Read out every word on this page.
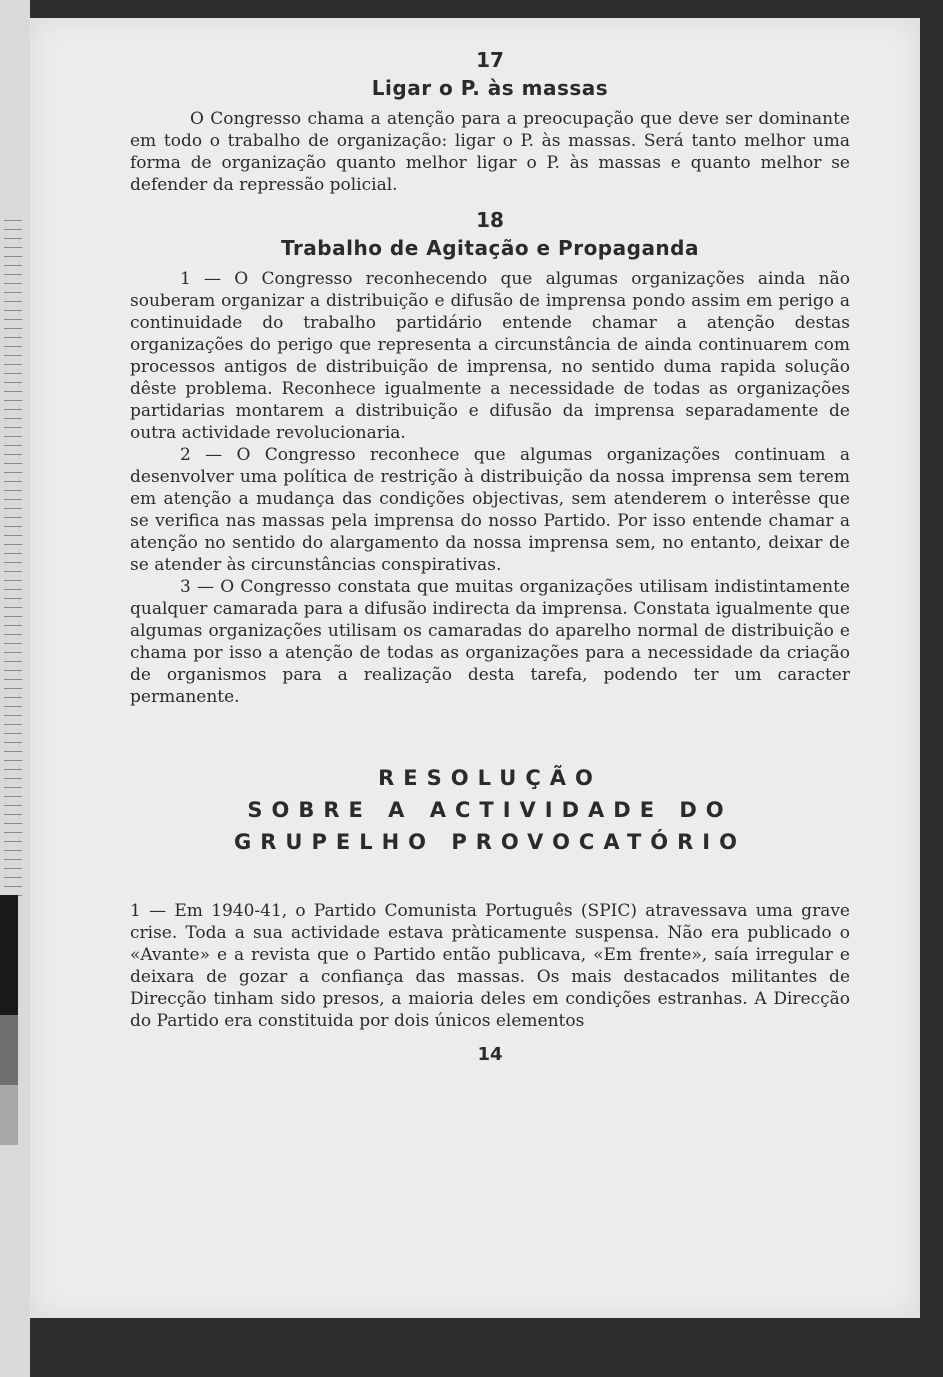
17

Ligar o P. às massas

O Congresso chama a atenção para a preocupação que deve ser dominante em todo o trabalho de organização: ligar o P. às massas. Será tanto melhor uma forma de organização quanto melhor ligar o P. às massas e quanto melhor se defender da repressão policial.

18

Trabalho de Agitação e Propaganda

1 — O Congresso reconhecendo que algumas organizações ainda não souberam organizar a distribuição e difusão de imprensa pondo assim em perigo a continuidade do trabalho partidário entende chamar a atenção destas organizações do perigo que representa a circunstância de ainda continuarem com processos antigos de distribuição de imprensa, no sentido duma rapida solução dêste problema. Reconhece igualmente a necessidade de todas as organizações partidarias montarem a distribuição e difusão da imprensa separadamente de outra actividade revolucionaria.

2 — O Congresso reconhece que algumas organizações continuam a desenvolver uma política de restrição à distribuição da nossa imprensa sem terem em atenção a mudança das condições objectivas, sem atenderem o interêsse que se verifica nas massas pela imprensa do nosso Partido. Por isso entende chamar a atenção no sentido do alargamento da nossa imprensa sem, no entanto, deixar de se atender às circunstâncias conspirativas.

3 — O Congresso constata que muitas organizações utilisam indistintamente qualquer camarada para a difusão indirecta da imprensa. Constata igualmente que algumas organizações utilisam os camaradas do aparelho normal de distribuição e chama por isso a atenção de todas as organizações para a necessidade da criação de organismos para a realização desta tarefa, podendo ter um caracter permanente.

RESOLUÇÃO
SOBRE A ACTIVIDADE DO
GRUPELHO PROVOCATÓRIO

1 — Em 1940-41, o Partido Comunista Português (SPIC) atravessava uma grave crise. Toda a sua actividade estava pràticamente suspensa. Não era publicado o «Avante» e a revista que o Partido então publicava, «Em frente», saía irregular e deixara de gozar a confiança das massas. Os mais destacados militantes de Direcção tinham sido presos, a maioria deles em condições estranhas. A Direcção do Partido era constituida por dois únicos elementos

14
